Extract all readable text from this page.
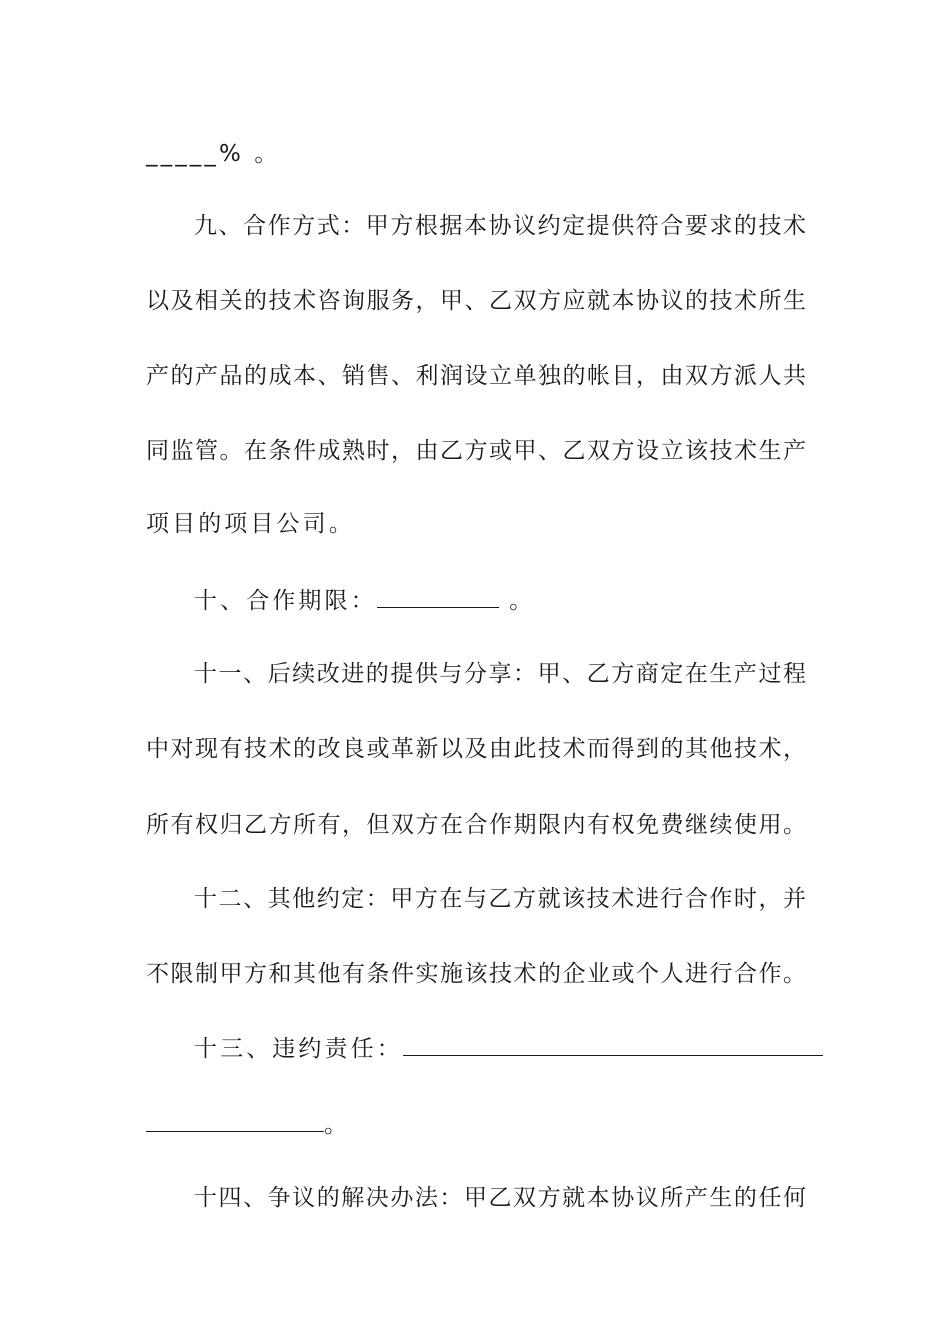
_____% 。
九、合作方式：甲方根据本协议约定提供符合要求的技术
以及相关的技术咨询服务，甲、乙双方应就本协议的技术所生
产的产品的成本、销售、利润设立单独的帐目，由双方派人共
同监管。在条件成熟时，由乙方或甲、乙双方设立该技术生产
项目的项目公司。
十、合作期限：	。
十一、后续改进的提供与分享：甲、乙方商定在生产过程
中对现有技术的改良或革新以及由此技术而得到的其他技术，
所有权归乙方所有，但双方在合作期限内有权免费继续使用。
十二、其他约定：甲方在与乙方就该技术进行合作时，并
不限制甲方和其他有条件实施该技术的企业或个人进行合作。
十三、违约责任：
。
十四、争议的解决办法：甲乙双方就本协议所产生的任何
